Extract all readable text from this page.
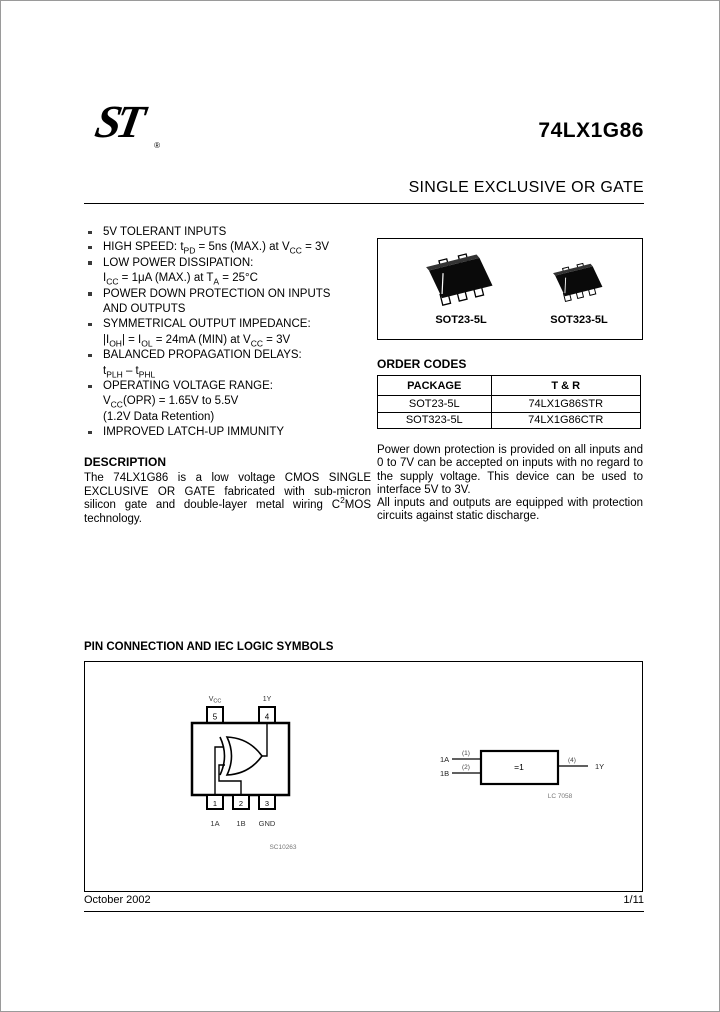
ST ®
74LX1G86
SINGLE EXCLUSIVE OR GATE
5V TOLERANT INPUTS
HIGH SPEED: $t_{PD} = 5ns$ (MAX.) at $V_{CC} = 3V$
LOW POWER DISSIPATION:
$I_{CC} = 1\mu A$ (MAX.) at $T_A = 25^\circ C$
POWER DOWN PROTECTION ON INPUTS
AND OUTPUTS
SYMMETRICAL OUTPUT IMPEDANCE:
$|I_{OH}| = I_{OL} = 24mA$ (MIN) at $V_{CC} = 3V$
BALANCED PROPAGATION DELAYS:
$t_{PLH} - t_{PHL}$
OPERATING VOLTAGE RANGE:
$V_{CC}(OPR) = 1.65V$ to 5.5V
(1.2V Data Retention)
IMPROVED LATCH-UP IMMUNITY
SOT23-5L	SOT323-5L
ORDER CODES
PACKAGE	T & R
SOT23-5L	74LX1G86STR
SOT323-5L	74LX1G86CTR

Power down protection is provided on all inputs and 0 to 7V can be accepted on inputs with no regard to the supply voltage. This device can be used to interface 5V to 3V.

All inputs and outputs are equipped with protection circuits against static discharge.

DESCRIPTION
The 74LX1G86 is a low voltage CMOS SINGLE EXCLUSIVE OR GATE fabricated with sub-micron silicon gate and double-layer metal wiring $C^2MOS$ technology.
PIN CONNECTION AND IEC LOGIC SYMBOLS
$V_{CC}$	1Y
5	4
1	2	3
1A 1B GND
SC10263
1A
1B
(1)
(2)	=1
(4)
1Y
LC 7058
October 2002	1/11
